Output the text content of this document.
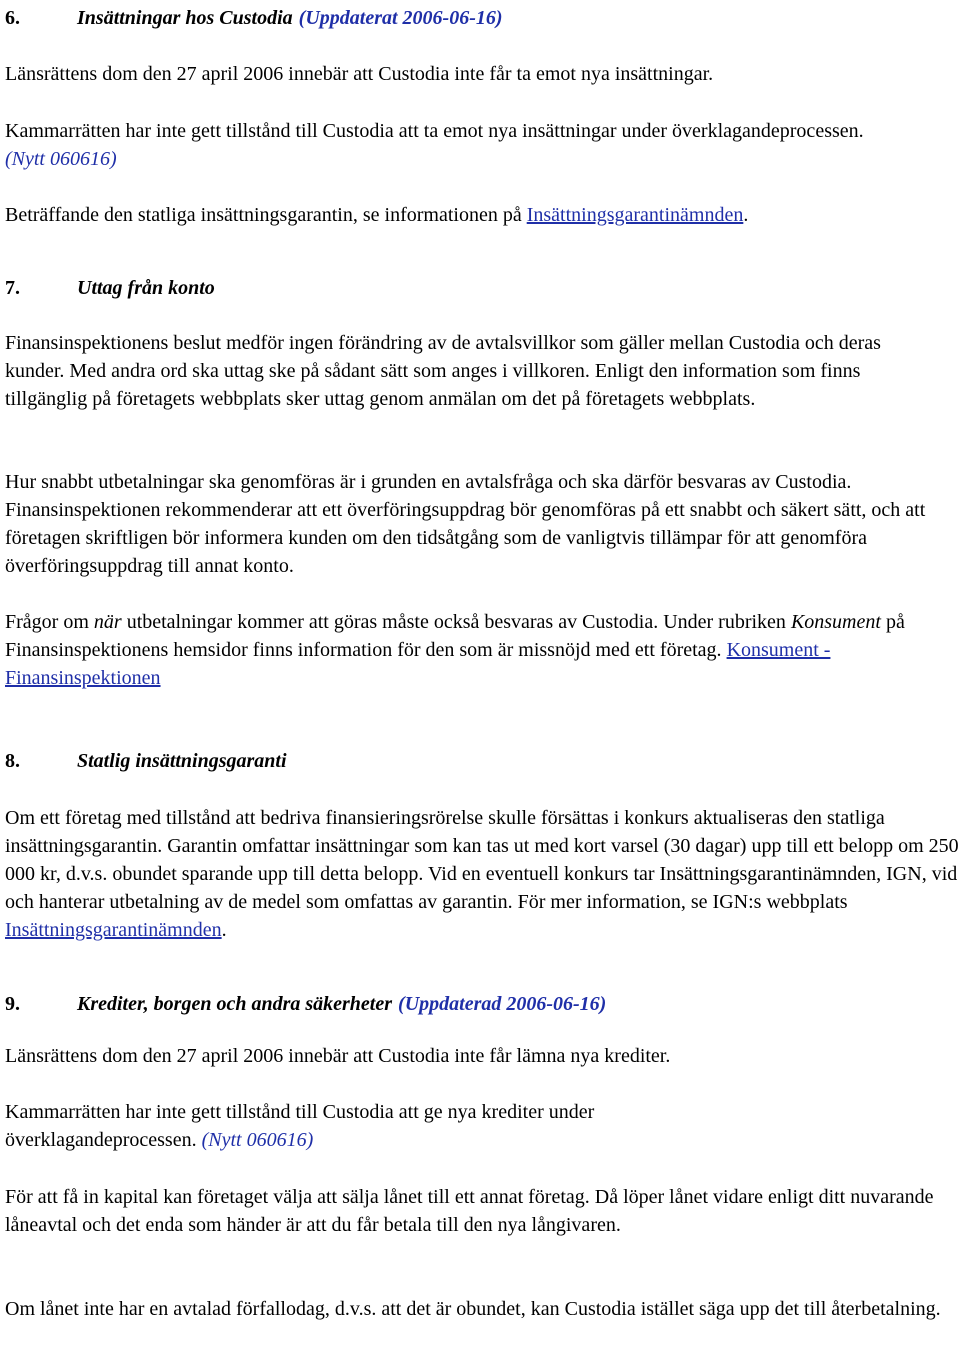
6.	Insättningar hos Custodia (Uppdaterat 2006-06-16)

Länsrättens dom den 27 april 2006 innebär att Custodia inte får ta emot nya insättningar.

Kammarrätten har inte gett tillstånd till Custodia att ta emot nya insättningar under överklagandeprocessen. (Nytt 060616)

Beträffande den statliga insättningsgarantin, se informationen på Insättningsgarantinämnden.

7.	Uttag från konto

Finansinspektionens beslut medför ingen förändring av de avtalsvillkor som gäller mellan Custodia och deras kunder. Med andra ord ska uttag ske på sådant sätt som anges i villkoren. Enligt den information som finns tillgänglig på företagets webbplats sker uttag genom anmälan om det på företagets webbplats.

Hur snabbt utbetalningar ska genomföras är i grunden en avtalsfråga och ska därför besvaras av Custodia. Finansinspektionen rekommenderar att ett överföringsuppdrag bör genomföras på ett snabbt och säkert sätt, och att företagen skriftligen bör informera kunden om den tidsåtgång som de vanligtvis tillämpar för att genomföra överföringsuppdrag till annat konto.

Frågor om när utbetalningar kommer att göras måste också besvaras av Custodia. Under rubriken Konsument på Finansinspektionens hemsidor finns information för den som är missnöjd med ett företag. Konsument - Finansinspektionen

8.	Statlig insättningsgaranti

Om ett företag med tillstånd att bedriva finansieringsrörelse skulle försättas i konkurs aktualiseras den statliga insättningsgarantin. Garantin omfattar insättningar som kan tas ut med kort varsel (30 dagar) upp till ett belopp om 250 000 kr, d.v.s. obundet sparande upp till detta belopp. Vid en eventuell konkurs tar Insättningsgarantinämnden, IGN, vid och hanterar utbetalning av de medel som omfattas av garantin. För mer information, se IGN:s webbplats Insättningsgarantinämnden.

9.	Krediter, borgen och andra säkerheter (Uppdaterad 2006-06-16)

Länsrättens dom den 27 april 2006 innebär att Custodia inte får lämna nya krediter.

Kammarrätten har inte gett tillstånd till Custodia att ge nya krediter under överklagandeprocessen. (Nytt 060616)

För att få in kapital kan företaget välja att sälja lånet till ett annat företag. Då löper lånet vidare enligt ditt nuvarande låneavtal och det enda som händer är att du får betala till den nya långivaren.

Om lånet inte har en avtalad förfallodag, d.v.s. att det är obundet, kan Custodia istället säga upp det till återbetalning.
